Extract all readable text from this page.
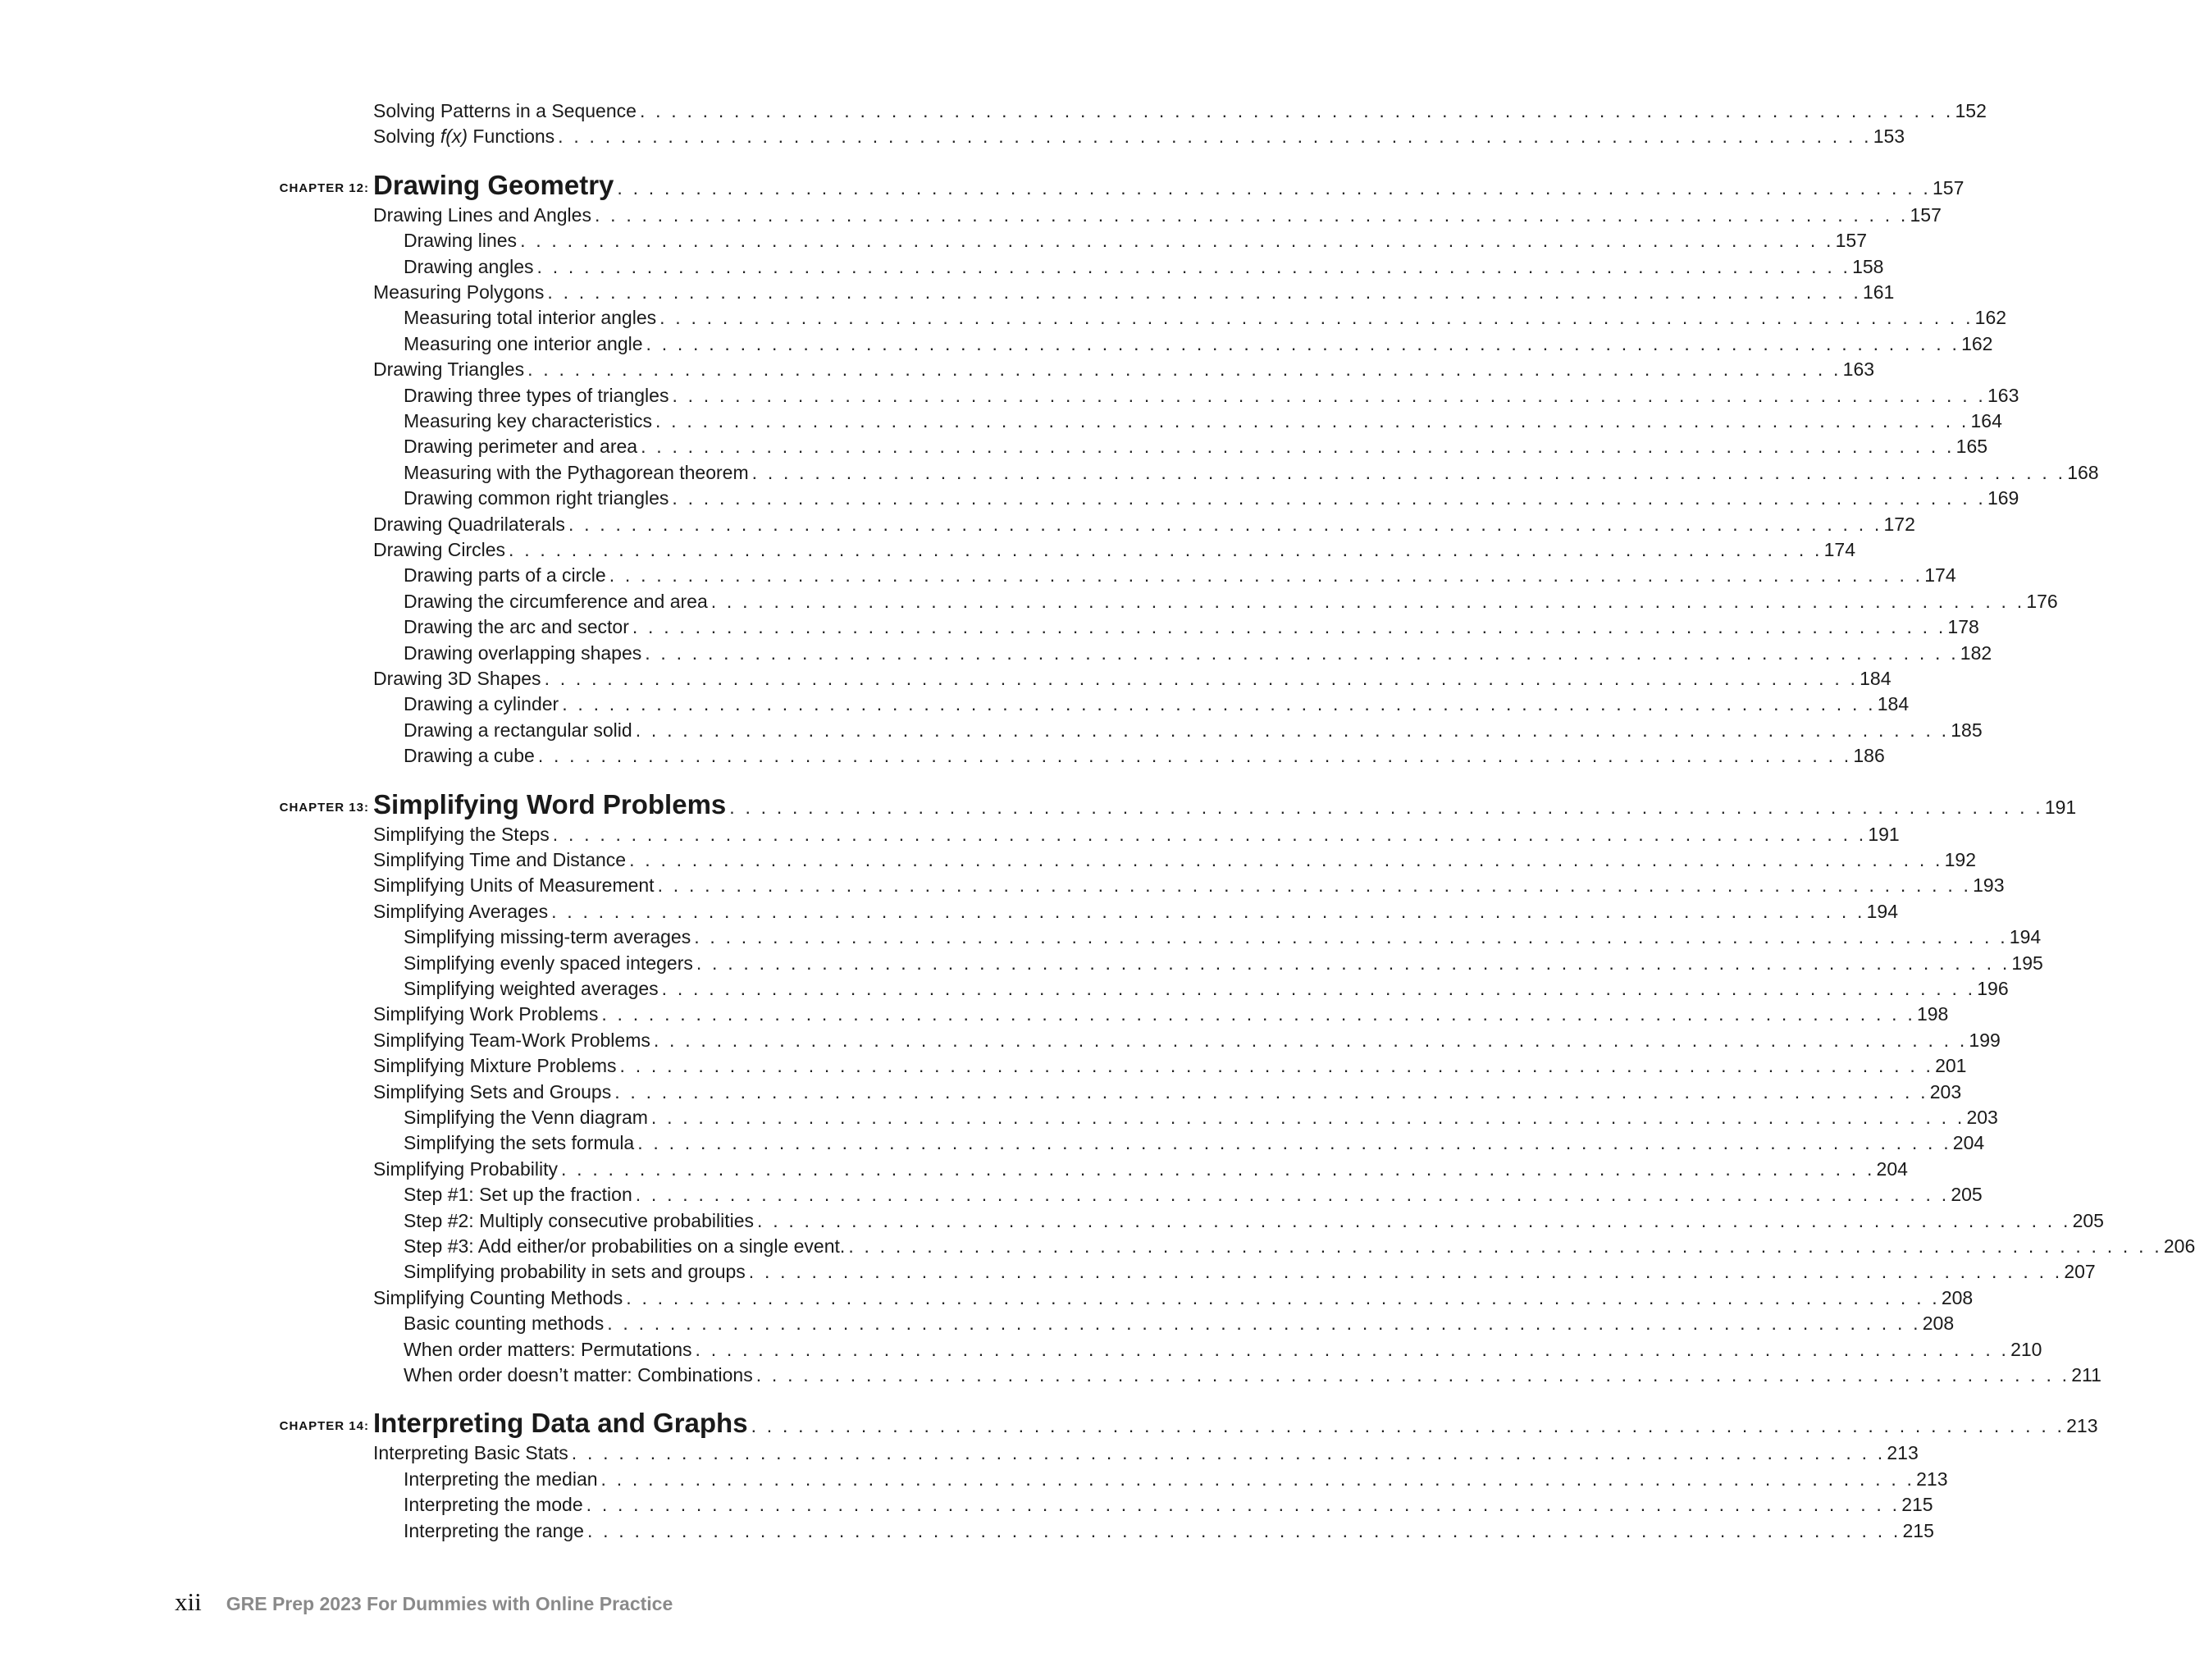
Solving Patterns in a Sequence . . . . . . . . . . . . . . . . . . . . . . . . . . . . . . . . . . . . . . . . . . . . . . . . . . . . . . . . . . . . . . . . . . . . . . . . . . . . . . . . . . . . 152
Solving f(x) Functions . . . . . . . . . . . . . . . . . . . . . . . . . . . . . . . . . . . . . . . . . . . . . . . . . . . . . . . . . . . . . . . . . . . . . . . . . . . . . . . . . . . . 153
CHAPTER 12: Drawing Geometry . . . . . . . . . . . . . . . . . . . . . . . . . . . . . . . . . . . . . . . . . . . . . . . . . . . . . . . . . . . . . . . . . . . . . . . . . . . . . . . . . . . . 157
Drawing Lines and Angles . . . . . . . . . . . . . . . . . . . . . . . . . . . . . . . . . . . . . . . . . . . . . . . . . . . . . . . . . . . . . . . . . . . . . . . . . . . . . . . . . . . . 157
Drawing lines . . . . . . . . . . . . . . . . . . . . . . . . . . . . . . . . . . . . . . . . . . . . . . . . . . . . . . . . . . . . . . . . . . . . . . . . . . . . . . . . . . . . 157
Drawing angles . . . . . . . . . . . . . . . . . . . . . . . . . . . . . . . . . . . . . . . . . . . . . . . . . . . . . . . . . . . . . . . . . . . . . . . . . . . . . . . . . . . . 158
Measuring Polygons . . . . . . . . . . . . . . . . . . . . . . . . . . . . . . . . . . . . . . . . . . . . . . . . . . . . . . . . . . . . . . . . . . . . . . . . . . . . . . . . . . . . 161
Measuring total interior angles . . . . . . . . . . . . . . . . . . . . . . . . . . . . . . . . . . . . . . . . . . . . . . . . . . . . . . . . . . . . . . . . . . . . . . . . . . . . . . . . . . . . 162
Measuring one interior angle . . . . . . . . . . . . . . . . . . . . . . . . . . . . . . . . . . . . . . . . . . . . . . . . . . . . . . . . . . . . . . . . . . . . . . . . . . . . . . . . . . . . 162
Drawing Triangles . . . . . . . . . . . . . . . . . . . . . . . . . . . . . . . . . . . . . . . . . . . . . . . . . . . . . . . . . . . . . . . . . . . . . . . . . . . . . . . . . . . . 163
Drawing three types of triangles . . . . . . . . . . . . . . . . . . . . . . . . . . . . . . . . . . . . . . . . . . . . . . . . . . . . . . . . . . . . . . . . . . . . . . . . . . . . . . . . . . . . 163
Measuring key characteristics . . . . . . . . . . . . . . . . . . . . . . . . . . . . . . . . . . . . . . . . . . . . . . . . . . . . . . . . . . . . . . . . . . . . . . . . . . . . . . . . . . . . 164
Drawing perimeter and area . . . . . . . . . . . . . . . . . . . . . . . . . . . . . . . . . . . . . . . . . . . . . . . . . . . . . . . . . . . . . . . . . . . . . . . . . . . . . . . . . . . . 165
Measuring with the Pythagorean theorem . . . . . . . . . . . . . . . . . . . . . . . . . . . . . . . . . . . . . . . . . . . . . . . . . . . . . . . . . . . . . . . . . . . . . . . . . . . . . . . . . . . . 168
Drawing common right triangles . . . . . . . . . . . . . . . . . . . . . . . . . . . . . . . . . . . . . . . . . . . . . . . . . . . . . . . . . . . . . . . . . . . . . . . . . . . . . . . . . . . . 169
Drawing Quadrilaterals . . . . . . . . . . . . . . . . . . . . . . . . . . . . . . . . . . . . . . . . . . . . . . . . . . . . . . . . . . . . . . . . . . . . . . . . . . . . . . . . . . . . 172
Drawing Circles . . . . . . . . . . . . . . . . . . . . . . . . . . . . . . . . . . . . . . . . . . . . . . . . . . . . . . . . . . . . . . . . . . . . . . . . . . . . . . . . . . . . 174
Drawing parts of a circle . . . . . . . . . . . . . . . . . . . . . . . . . . . . . . . . . . . . . . . . . . . . . . . . . . . . . . . . . . . . . . . . . . . . . . . . . . . . . . . . . . . . 174
Drawing the circumference and area . . . . . . . . . . . . . . . . . . . . . . . . . . . . . . . . . . . . . . . . . . . . . . . . . . . . . . . . . . . . . . . . . . . . . . . . . . . . . . . . . . . . 176
Drawing the arc and sector . . . . . . . . . . . . . . . . . . . . . . . . . . . . . . . . . . . . . . . . . . . . . . . . . . . . . . . . . . . . . . . . . . . . . . . . . . . . . . . . . . . . 178
Drawing overlapping shapes . . . . . . . . . . . . . . . . . . . . . . . . . . . . . . . . . . . . . . . . . . . . . . . . . . . . . . . . . . . . . . . . . . . . . . . . . . . . . . . . . . . . 182
Drawing 3D Shapes . . . . . . . . . . . . . . . . . . . . . . . . . . . . . . . . . . . . . . . . . . . . . . . . . . . . . . . . . . . . . . . . . . . . . . . . . . . . . . . . . . . . 184
Drawing a cylinder . . . . . . . . . . . . . . . . . . . . . . . . . . . . . . . . . . . . . . . . . . . . . . . . . . . . . . . . . . . . . . . . . . . . . . . . . . . . . . . . . . . . 184
Drawing a rectangular solid . . . . . . . . . . . . . . . . . . . . . . . . . . . . . . . . . . . . . . . . . . . . . . . . . . . . . . . . . . . . . . . . . . . . . . . . . . . . . . . . . . . . 185
Drawing a cube . . . . . . . . . . . . . . . . . . . . . . . . . . . . . . . . . . . . . . . . . . . . . . . . . . . . . . . . . . . . . . . . . . . . . . . . . . . . . . . . . . . . 186
CHAPTER 13: Simplifying Word Problems . . . . . . . . . . . . . . . . . . . . . . . . . . . . . . . . . . . . . . . . . . . . . . . . . . . . . . . . . . . . . . . . . . . . . . . . . . . . . . . . . . . . 191
Simplifying the Steps . . . . . . . . . . . . . . . . . . . . . . . . . . . . . . . . . . . . . . . . . . . . . . . . . . . . . . . . . . . . . . . . . . . . . . . . . . . . . . . . . . . . 191
Simplifying Time and Distance . . . . . . . . . . . . . . . . . . . . . . . . . . . . . . . . . . . . . . . . . . . . . . . . . . . . . . . . . . . . . . . . . . . . . . . . . . . . . . . . . . . . 192
Simplifying Units of Measurement . . . . . . . . . . . . . . . . . . . . . . . . . . . . . . . . . . . . . . . . . . . . . . . . . . . . . . . . . . . . . . . . . . . . . . . . . . . . . . . . . . . . 193
Simplifying Averages . . . . . . . . . . . . . . . . . . . . . . . . . . . . . . . . . . . . . . . . . . . . . . . . . . . . . . . . . . . . . . . . . . . . . . . . . . . . . . . . . . . . 194
Simplifying missing-term averages . . . . . . . . . . . . . . . . . . . . . . . . . . . . . . . . . . . . . . . . . . . . . . . . . . . . . . . . . . . . . . . . . . . . . . . . . . . . . . . . . . . . 194
Simplifying evenly spaced integers . . . . . . . . . . . . . . . . . . . . . . . . . . . . . . . . . . . . . . . . . . . . . . . . . . . . . . . . . . . . . . . . . . . . . . . . . . . . . . . . . . . . 195
Simplifying weighted averages . . . . . . . . . . . . . . . . . . . . . . . . . . . . . . . . . . . . . . . . . . . . . . . . . . . . . . . . . . . . . . . . . . . . . . . . . . . . . . . . . . . . 196
Simplifying Work Problems . . . . . . . . . . . . . . . . . . . . . . . . . . . . . . . . . . . . . . . . . . . . . . . . . . . . . . . . . . . . . . . . . . . . . . . . . . . . . . . . . . . . 198
Simplifying Team-Work Problems . . . . . . . . . . . . . . . . . . . . . . . . . . . . . . . . . . . . . . . . . . . . . . . . . . . . . . . . . . . . . . . . . . . . . . . . . . . . . . . . . . . . 199
Simplifying Mixture Problems . . . . . . . . . . . . . . . . . . . . . . . . . . . . . . . . . . . . . . . . . . . . . . . . . . . . . . . . . . . . . . . . . . . . . . . . . . . . . . . . . . . . 201
Simplifying Sets and Groups . . . . . . . . . . . . . . . . . . . . . . . . . . . . . . . . . . . . . . . . . . . . . . . . . . . . . . . . . . . . . . . . . . . . . . . . . . . . . . . . . . . . 203
Simplifying the Venn diagram . . . . . . . . . . . . . . . . . . . . . . . . . . . . . . . . . . . . . . . . . . . . . . . . . . . . . . . . . . . . . . . . . . . . . . . . . . . . . . . . . . . . 203
Simplifying the sets formula . . . . . . . . . . . . . . . . . . . . . . . . . . . . . . . . . . . . . . . . . . . . . . . . . . . . . . . . . . . . . . . . . . . . . . . . . . . . . . . . . . . . 204
Simplifying Probability . . . . . . . . . . . . . . . . . . . . . . . . . . . . . . . . . . . . . . . . . . . . . . . . . . . . . . . . . . . . . . . . . . . . . . . . . . . . . . . . . . . . 204
Step #1: Set up the fraction . . . . . . . . . . . . . . . . . . . . . . . . . . . . . . . . . . . . . . . . . . . . . . . . . . . . . . . . . . . . . . . . . . . . . . . . . . . . . . . . . . . . 205
Step #2: Multiply consecutive probabilities . . . . . . . . . . . . . . . . . . . . . . . . . . . . . . . . . . . . . . . . . . . . . . . . . . . . . . . . . . . . . . . . . . . . . . . . . . . . . . . . . . . . 205
Step #3: Add either/or probabilities on a single event. . . . . . . . . . . . . . . . . . . . . . . . . . . . . . . . . . . . . . . . . . . . . . . . . . . . . . . . . . . . . . . . . . . . . . . . . . . . . . . . . . . . . 206
Simplifying probability in sets and groups . . . . . . . . . . . . . . . . . . . . . . . . . . . . . . . . . . . . . . . . . . . . . . . . . . . . . . . . . . . . . . . . . . . . . . . . . . . . . . . . . . . . 207
Simplifying Counting Methods . . . . . . . . . . . . . . . . . . . . . . . . . . . . . . . . . . . . . . . . . . . . . . . . . . . . . . . . . . . . . . . . . . . . . . . . . . . . . . . . . . . . 208
Basic counting methods . . . . . . . . . . . . . . . . . . . . . . . . . . . . . . . . . . . . . . . . . . . . . . . . . . . . . . . . . . . . . . . . . . . . . . . . . . . . . . . . . . . . 208
When order matters: Permutations . . . . . . . . . . . . . . . . . . . . . . . . . . . . . . . . . . . . . . . . . . . . . . . . . . . . . . . . . . . . . . . . . . . . . . . . . . . . . . . . . . . . 210
When order doesn’t matter: Combinations . . . . . . . . . . . . . . . . . . . . . . . . . . . . . . . . . . . . . . . . . . . . . . . . . . . . . . . . . . . . . . . . . . . . . . . . . . . . . . . . . . . . 211
CHAPTER 14: Interpreting Data and Graphs . . . . . . . . . . . . . . . . . . . . . . . . . . . . . . . . . . . . . . . . . . . . . . . . . . . . . . . . . . . . . . . . . . . . . . . . . . . . . . . . . . . . 213
Interpreting Basic Stats . . . . . . . . . . . . . . . . . . . . . . . . . . . . . . . . . . . . . . . . . . . . . . . . . . . . . . . . . . . . . . . . . . . . . . . . . . . . . . . . . . . . 213
Interpreting the median . . . . . . . . . . . . . . . . . . . . . . . . . . . . . . . . . . . . . . . . . . . . . . . . . . . . . . . . . . . . . . . . . . . . . . . . . . . . . . . . . . . . 213
Interpreting the mode . . . . . . . . . . . . . . . . . . . . . . . . . . . . . . . . . . . . . . . . . . . . . . . . . . . . . . . . . . . . . . . . . . . . . . . . . . . . . . . . . . . . 215
Interpreting the range . . . . . . . . . . . . . . . . . . . . . . . . . . . . . . . . . . . . . . . . . . . . . . . . . . . . . . . . . . . . . . . . . . . . . . . . . . . . . . . . . . . . 215
xii GRE Prep 2023 For Dummies with Online Practice
